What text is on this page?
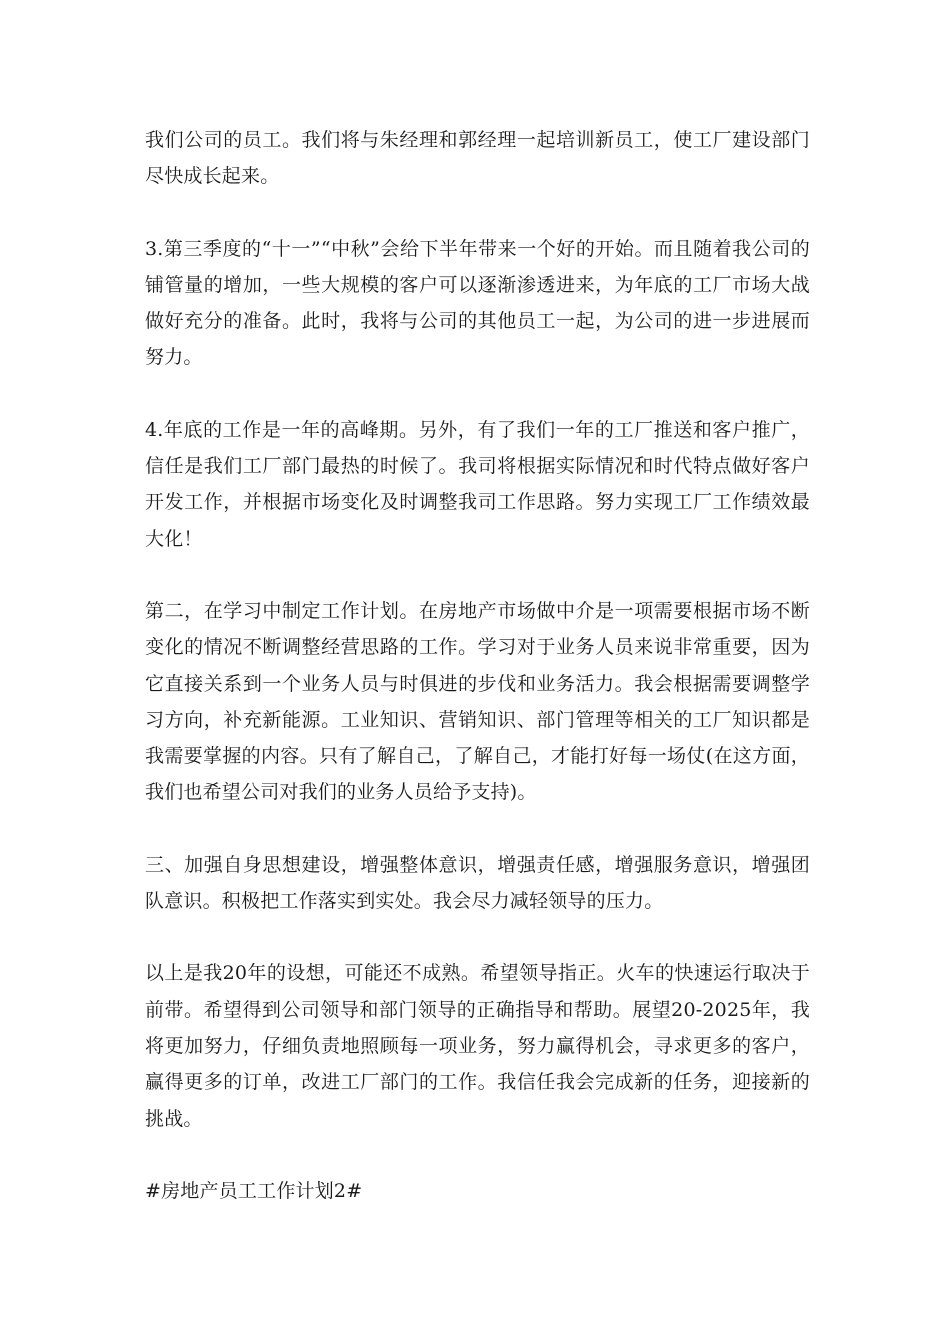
我们公司的员工。我们将与朱经理和郭经理一起培训新员工，使工厂建设部门尽快成长起来。

3.第三季度的“十一”“中秋”会给下半年带来一个好的开始。而且随着我公司的铺管量的增加，一些大规模的客户可以逐渐渗透进来，为年底的工厂市场大战做好充分的准备。此时，我将与公司的其他员工一起，为公司的进一步进展而努力。

4.年底的工作是一年的高峰期。另外，有了我们一年的工厂推送和客户推广，信任是我们工厂部门最热的时候了。我司将根据实际情况和时代特点做好客户开发工作，并根据市场变化及时调整我司工作思路。努力实现工厂工作绩效最大化！

第二，在学习中制定工作计划。在房地产市场做中介是一项需要根据市场不断变化的情况不断调整经营思路的工作。学习对于业务人员来说非常重要，因为它直接关系到一个业务人员与时俱进的步伐和业务活力。我会根据需要调整学习方向，补充新能源。工业知识、营销知识、部门管理等相关的工厂知识都是我需要掌握的内容。只有了解自己，了解自己，才能打好每一场仗(在这方面，我们也希望公司对我们的业务人员给予支持)。

三、加强自身思想建设，增强整体意识，增强责任感，增强服务意识，增强团队意识。积极把工作落实到实处。我会尽力减轻领导的压力。

以上是我20年的设想，可能还不成熟。希望领导指正。火车的快速运行取决于前带。希望得到公司领导和部门领导的正确指导和帮助。展望20-2025年，我将更加努力，仔细负责地照顾每一项业务，努力赢得机会，寻求更多的客户，赢得更多的订单，改进工厂部门的工作。我信任我会完成新的任务，迎接新的挑战。

#房地产员工工作计划2#
